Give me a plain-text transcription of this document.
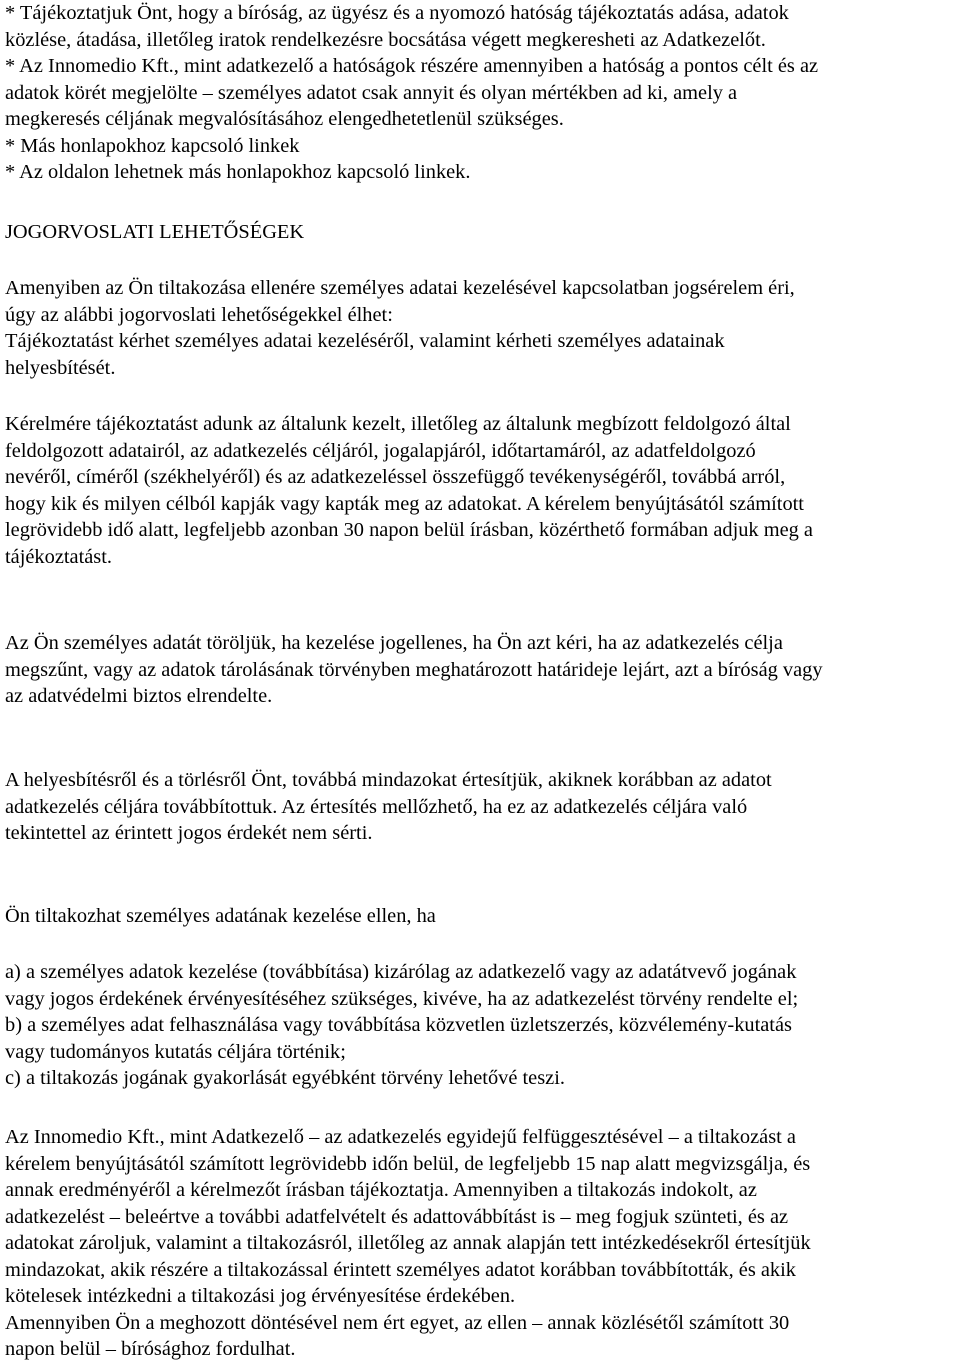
* Tájékoztatjuk Önt, hogy a bíróság, az ügyész és a nyomozó hatóság tájékoztatás adása, adatok
közlése, átadása, illetőleg iratok rendelkezésre bocsátása végett megkeresheti az Adatkezelőt.
* Az Innomedio Kft., mint adatkezelő a hatóságok részére amennyiben a hatóság a pontos célt és az
adatok körét megjelölte – személyes adatot csak annyit és olyan mértékben ad ki, amely a
megkeresés céljának megvalósításához elengedhetetlenül szükséges.
* Más honlapokhoz kapcsoló linkek
* Az oldalon lehetnek más honlapokhoz kapcsoló linkek.
JOGORVOSLATI LEHETŐSÉGEK
Amenyiben az Ön tiltakozása ellenére személyes adatai kezelésével kapcsolatban jogsérelem éri,
úgy az alábbi jogorvoslati lehetőségekkel élhet:
Tájékoztatást kérhet személyes adatai kezeléséről, valamint kérheti személyes adatainak
helyesbítését.
Kérelmére tájékoztatást adunk az általunk kezelt, illetőleg az általunk megbízott feldolgozó által
feldolgozott adatairól, az adatkezelés céljáról, jogalapjáról, időtartamáról, az adatfeldolgozó
nevéről, címéről (székhelyéről) és az adatkezeléssel összefüggő tevékenységéről, továbbá arról,
hogy kik és milyen célból kapják vagy kapták meg az adatokat. A kérelem benyújtásától számított
legrövidebb idő alatt, legfeljebb azonban 30 napon belül írásban, közérthető formában adjuk meg a
tájékoztatást.
Az Ön személyes adatát töröljük, ha kezelése jogellenes, ha Ön azt kéri, ha az adatkezelés célja
megszűnt, vagy az adatok tárolásának törvényben meghatározott határideje lejárt, azt a bíróság vagy
az adatvédelmi biztos elrendelte.
A helyesbítésről és a törlésről Önt, továbbá mindazokat értesítjük, akiknek korábban az adatot
adatkezelés céljára továbbítottuk. Az értesítés mellőzhető, ha ez az adatkezelés céljára való
tekintettel az érintett jogos érdekét nem sérti.
Ön tiltakozhat személyes adatának kezelése ellen, ha
a) a személyes adatok kezelése (továbbítása) kizárólag az adatkezelő vagy az adatátvevő jogának
vagy jogos érdekének érvényesítéséhez szükséges, kivéve, ha az adatkezelést törvény rendelte el;
b) a személyes adat felhasználása vagy továbbítása közvetlen üzletszerzés, közvélemény-kutatás
vagy tudományos kutatás céljára történik;
c) a tiltakozás jogának gyakorlását egyébként törvény lehetővé teszi.
Az Innomedio Kft., mint Adatkezelő – az adatkezelés egyidejű felfüggesztésével – a tiltakozást a
kérelem benyújtásától számított legrövidebb időn belül, de legfeljebb 15 nap alatt megvizsgálja, és
annak eredményéről a kérelmezőt írásban tájékoztatja. Amennyiben a tiltakozás indokolt, az
adatkezelést – beleértve a további adatfelvételt és adattovábbítást is – meg fogjuk szünteti, és az
adatokat zároljuk, valamint a tiltakozásról, illetőleg az annak alapján tett intézkedésekről értesítjük
mindazokat, akik részére a tiltakozással érintett személyes adatot korábban továbbították, és akik
kötelesek intézkedni a tiltakozási jog érvényesítése érdekében.
Amennyiben Ön a meghozott döntésével nem ért egyet, az ellen – annak közlésétől számított 30
napon belül – bírósághoz fordulhat.
